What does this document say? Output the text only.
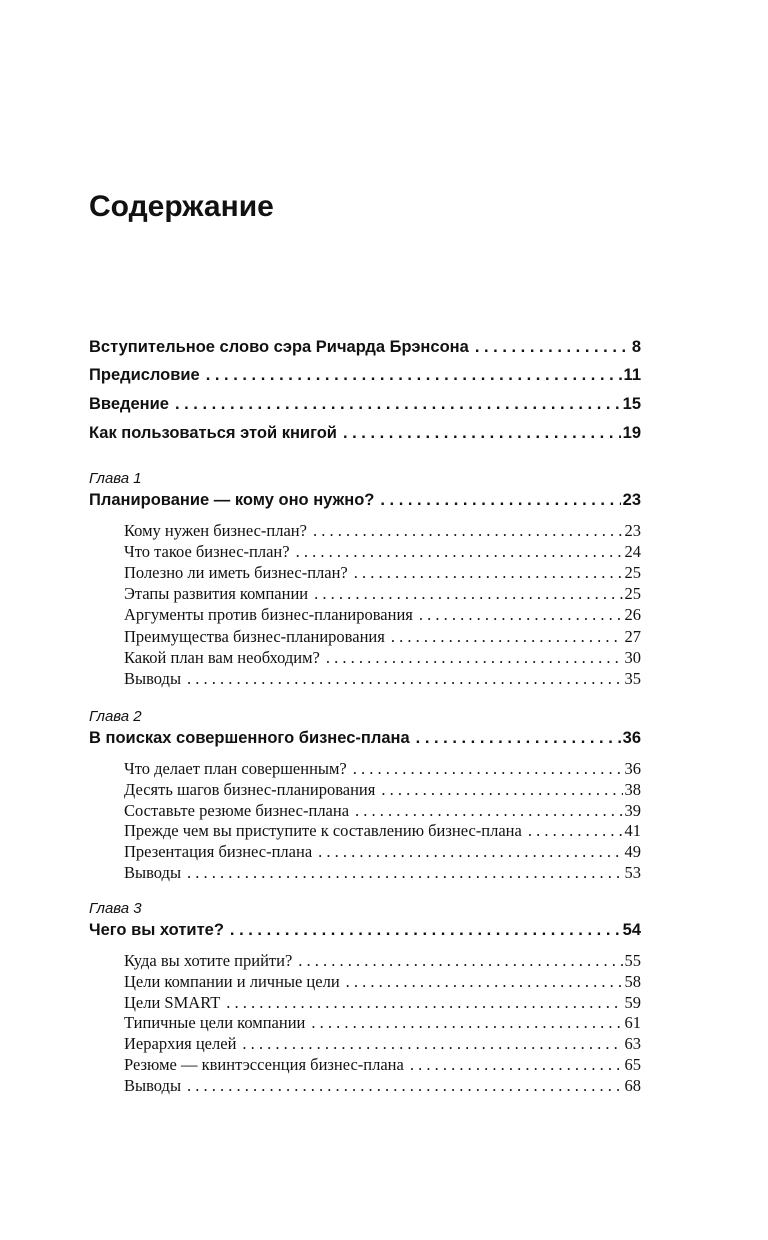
Содержание
Вступительное слово сэра Ричарда Брэнсона . . .	8
Предисловие . . .	11
Введение . . .	15
Как пользоваться этой книгой . . .	19
Глава 1
Планирование — кому оно нужно? . . .	23
Кому нужен бизнес-план? . . .	23
Что такое бизнес-план? . . .	24
Полезно ли иметь бизнес-план? . . .	25
Этапы развития компании . . .	25
Аргументы против бизнес-планирования . . .	26
Преимущества бизнес-планирования . . .	27
Какой план вам необходим? . . .	30
Выводы . . .	35
Глава 2
В поисках совершенного бизнес-плана . . .	36
Что делает план совершенным? . . .	36
Десять шагов бизнес-планирования . . .	38
Составьте резюме бизнес-плана . . .	39
Прежде чем вы приступите к составлению бизнес-плана . . .	41
Презентация бизнес-плана . . .	49
Выводы . . .	53
Глава 3
Чего вы хотите? . . .	54
Куда вы хотите прийти? . . .	55
Цели компании и личные цели . . .	58
Цели SMART . . .	59
Типичные цели компании . . .	61
Иерархия целей . . .	63
Резюме — квинтэссенция бизнес-плана . . .	65
Выводы . . .	68
